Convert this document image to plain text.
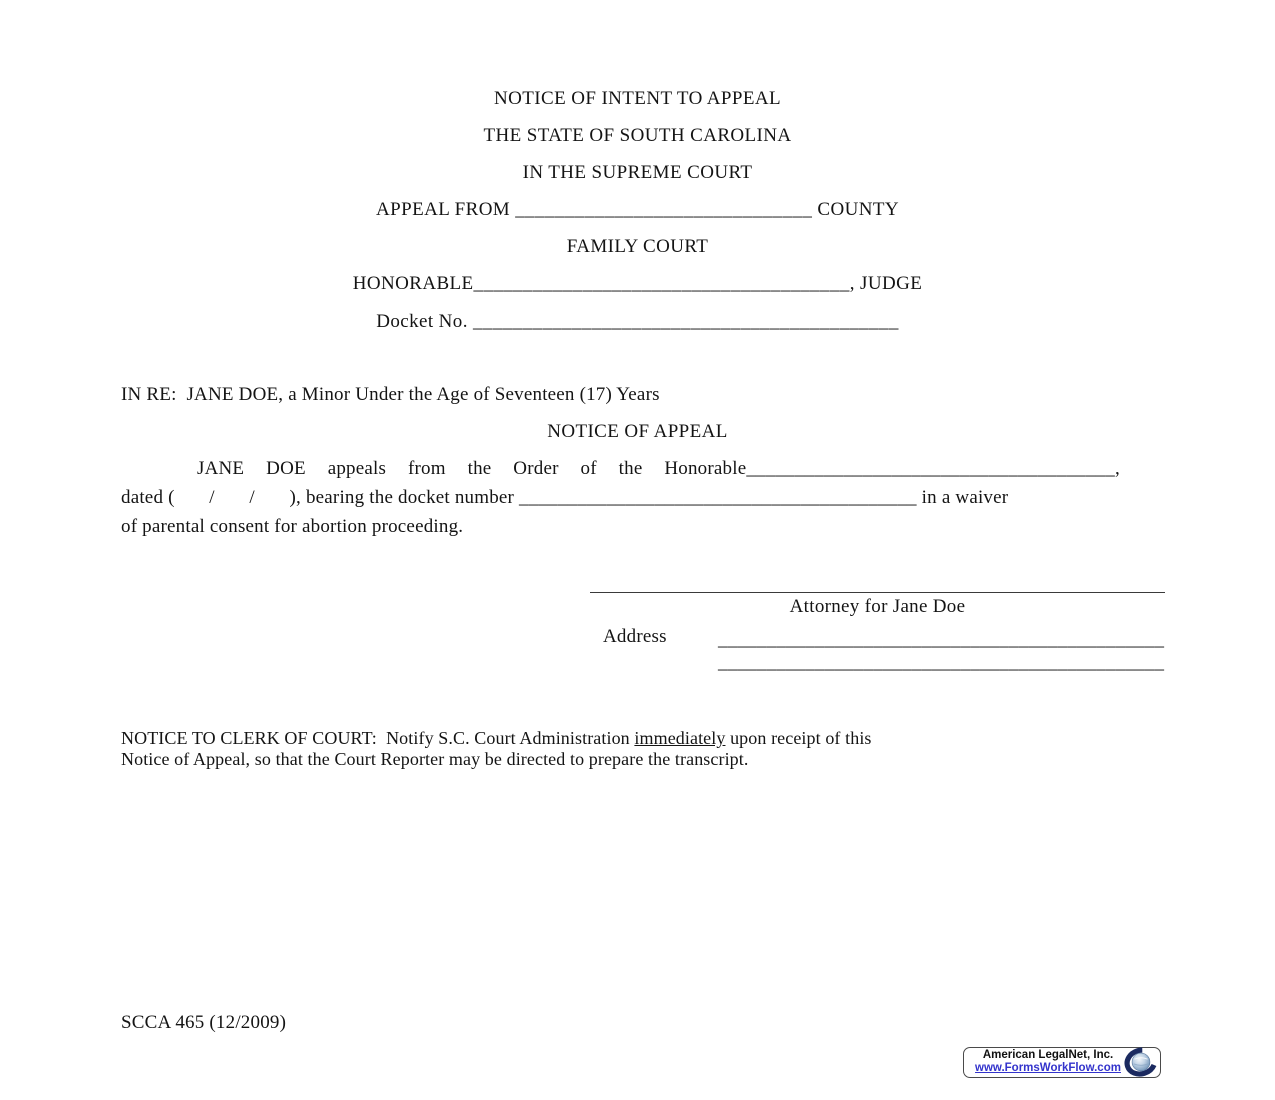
NOTICE OF INTENT TO APPEAL
THE STATE OF SOUTH CAROLINA
IN THE SUPREME COURT
APPEAL FROM ______________________________ COUNTY
FAMILY COURT
HONORABLE______________________________________, JUDGE
Docket No. ___________________________________________
IN RE:  JANE DOE, a Minor Under the Age of Seventeen (17) Years
NOTICE OF APPEAL
JANE  DOE  appeals  from  the  Order  of  the  Honorable______________________________________,
dated (       /       /       ), bearing the docket number _________________________________________ in a waiver
of parental consent for abortion proceeding.
Attorney for Jane Doe
Address	______________________________________________
______________________________________________
NOTICE TO CLERK OF COURT:  Notify S.C. Court Administration immediately upon receipt of this
Notice of Appeal, so that the Court Reporter may be directed to prepare the transcript.
SCCA 465 (12/2009)
American LegalNet, Inc.
www.FormsWorkFlow.com
